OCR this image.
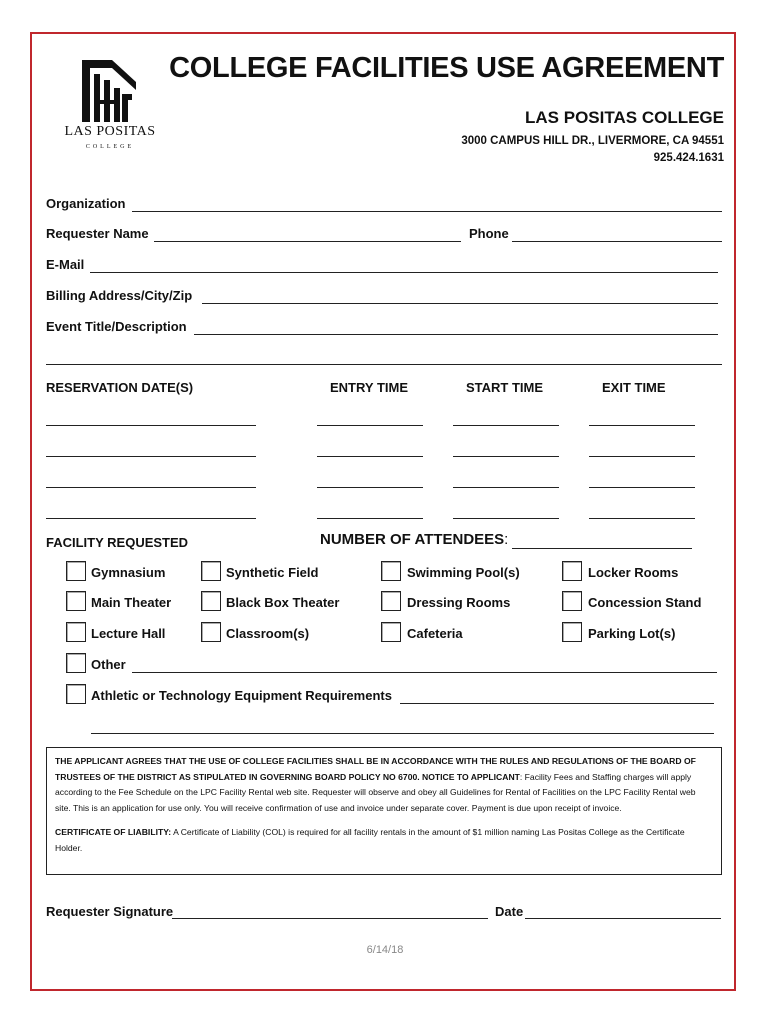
LAS POSITAS
COLLEGE
COLLEGE FACILITIES USE AGREEMENT
LAS POSITAS COLLEGE
3000 CAMPUS HILL DR., LIVERMORE, CA 94551
925.424.1631
Organization
Requester Name	Phone
E-Mail
Billing Address/City/Zip
Event Title/Description
RESERVATION DATE(S)	ENTRY TIME	START TIME	EXIT TIME
FACILITY REQUESTED	NUMBER OF ATTENDEES:
Gymnasium	Synthetic Field	Swimming Pool(s)	Locker Rooms
Main Theater	Black Box Theater	Dressing Rooms	Concession Stand
Lecture Hall	Classroom(s)	Cafeteria	Parking Lot(s)
Other
Athletic or Technology Equipment Requirements

THE APPLICANT AGREES THAT THE USE OF COLLEGE FACILITIES SHALL BE IN ACCORDANCE WITH THE RULES AND REGULATIONS OF THE BOARD OF TRUSTEES OF THE DISTRICT AS STIPULATED IN GOVERNING BOARD POLICY NO 6700. NOTICE TO APPLICANT: Facility Fees and Staffing charges will apply according to the Fee Schedule on the LPC Facility Rental web site. Requester will observe and obey all Guidelines for Rental of Facilities on the LPC Facility Rental web site. This is an application for use only. You will receive confirmation of use and invoice under separate cover. Payment is due upon receipt of invoice.

CERTIFICATE OF LIABILITY: A Certificate of Liability (COL) is required for all facility rentals in the amount of $1 million naming Las Positas College as the Certificate Holder.

Requester Signature	Date
6/14/18
